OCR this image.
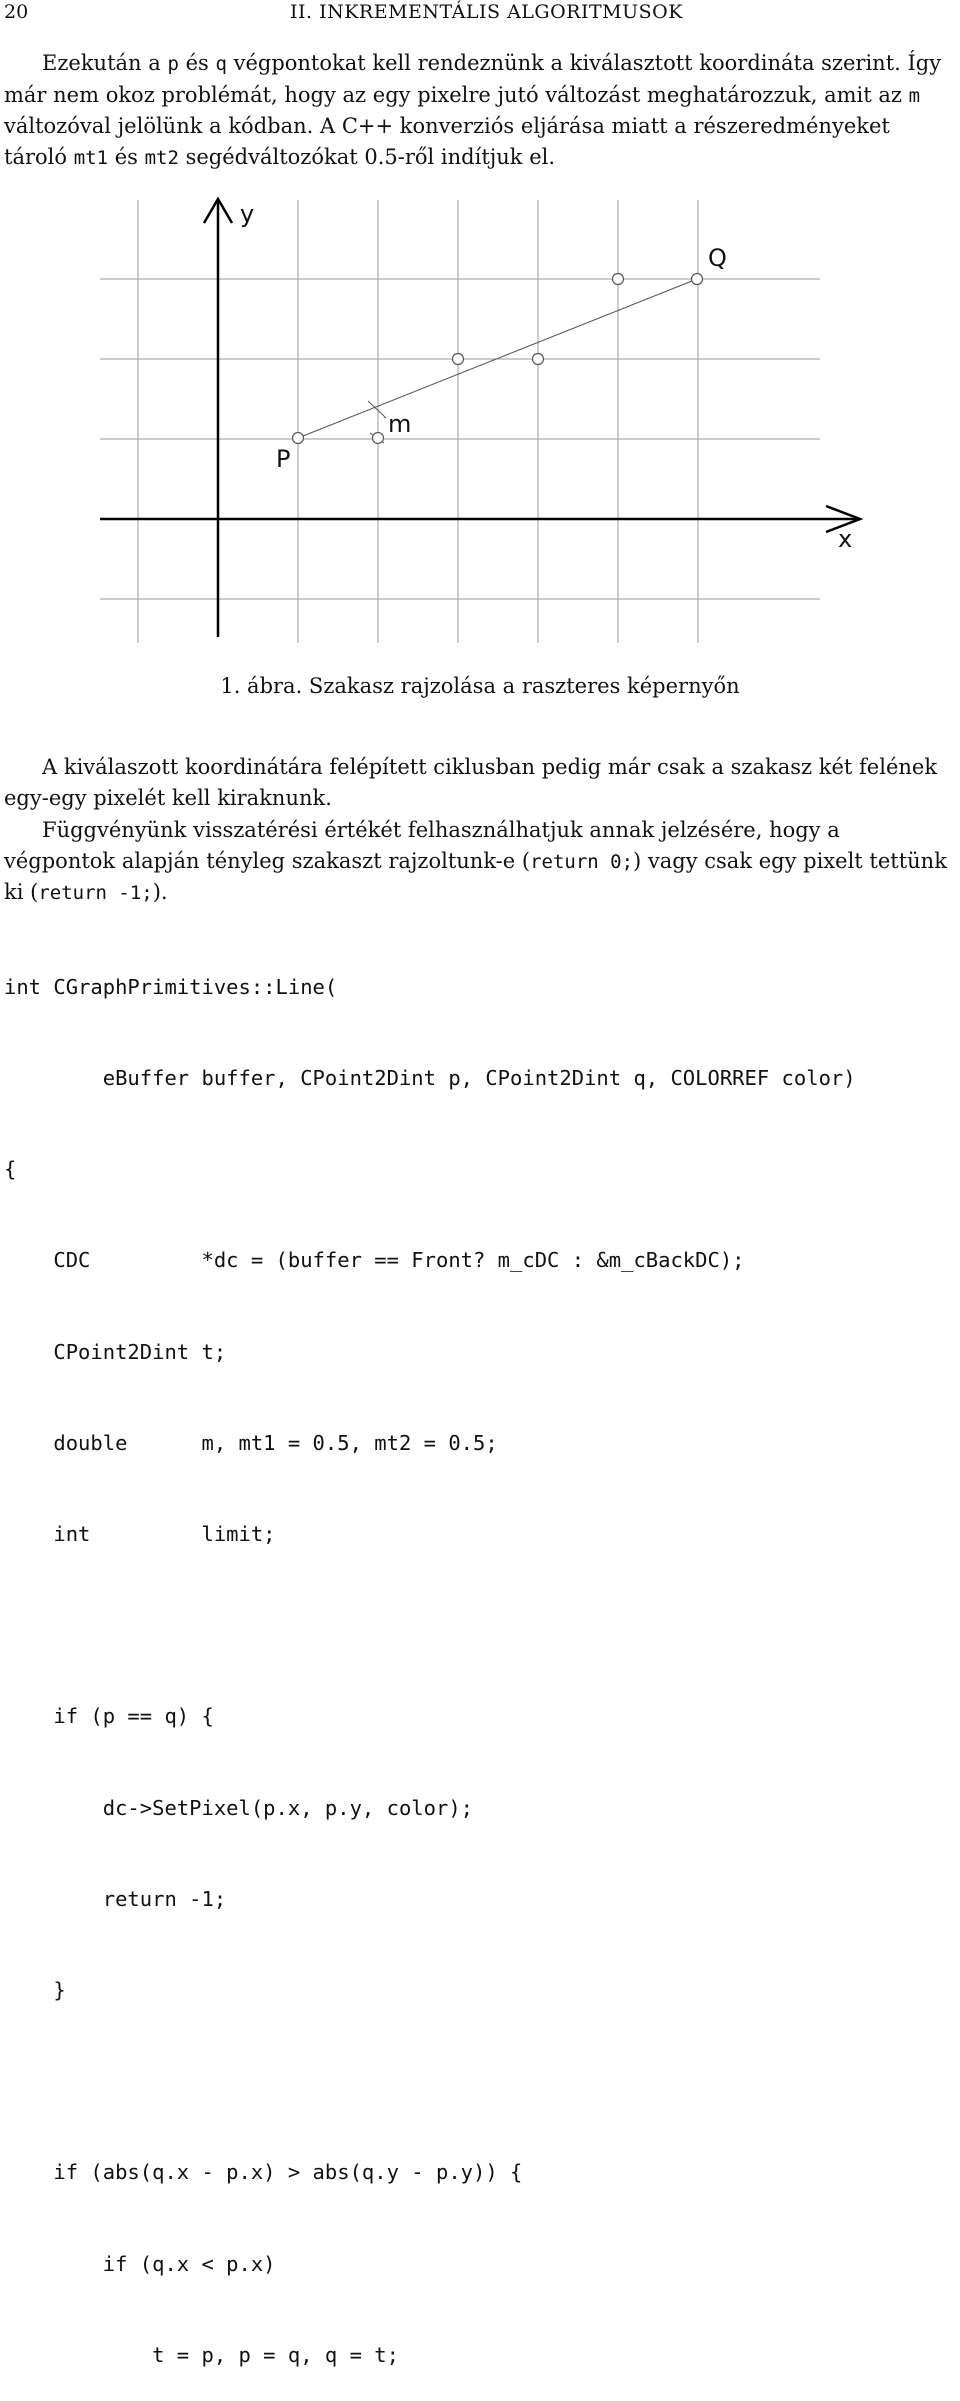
20	II. INKREMENTÁLIS ALGORITMUSOK

Ezekután a p és q végpontokat kell rendeznünk a kiválasztott koordináta szerint. Így már nem okoz problémát, hogy az egy pixelre jutó változást meghatározzuk, amit az m változóval jelölünk a kódban. A C++ konverziós eljárása miatt a részeredményeket tároló mt1 és mt2 segédváltozókat 0.5-ről indítjuk el.

y
x
P
Q
m
1. ábra. Szakasz rajzolása a raszteres képernyőn

A kiválaszott koordinátára felépített ciklusban pedig már csak a szakasz két felének egy-egy pixelét kell kiraknunk.

Függvényünk visszatérési értékét felhasználhatjuk annak jelzésére, hogy a végpontok alapján tényleg szakaszt rajzoltunk-e (return 0;) vagy csak egy pixelt tettünk ki (return -1;).

int CGraphPrimitives::Line(

eBuffer buffer, CPoint2Dint p, CPoint2Dint q, COLORREF color)

{

CDC         *dc = (buffer == Front? m_cDC : &m_cBackDC);

CPoint2Dint t;

double      m, mt1 = 0.5, mt2 = 0.5;

int         limit;

if (p == q) {

dc->SetPixel(p.x, p.y, color);

return -1;

}

if (abs(q.x - p.x) > abs(q.y - p.y)) {

if (q.x < p.x)

t = p, p = q, q = t;
